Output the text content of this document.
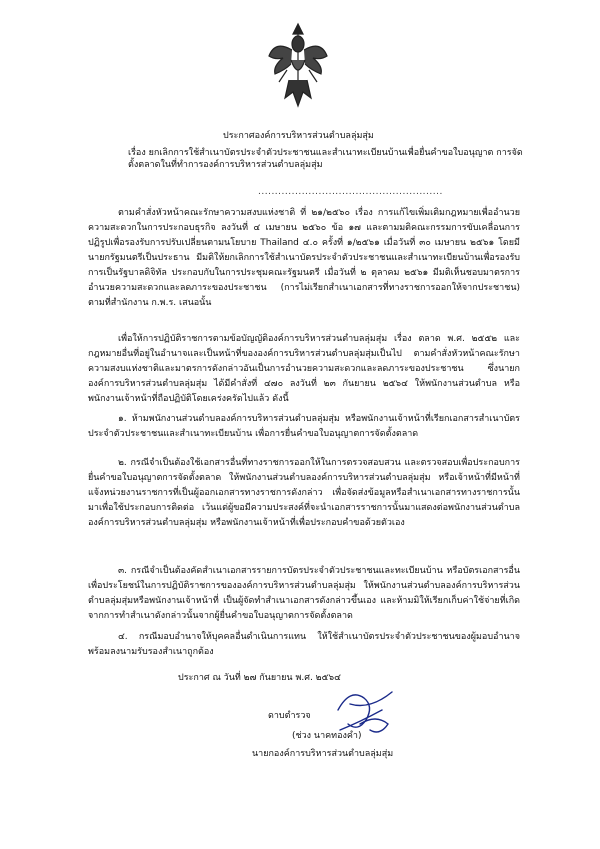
ประกาศองค์การบริหารส่วนตำบลลุ่มสุ่ม
เรื่อง ยกเลิกการใช้สำเนาบัตรประจำตัวประชาชนและสำเนาทะเบียนบ้านเพื่อยื่นคำขอใบอนุญาต การจัดตั้งตลาดในที่ทำการองค์การบริหารส่วนตำบลลุ่มสุ่ม
.......................................................
ตามคำสั่งหัวหน้าคณะรักษาความสงบแห่งชาติ ที่ ๒๑/๒๕๖๐ เรื่อง การแก้ไขเพิ่มเติมกฎหมายเพื่ออำนวยความสะดวกในการประกอบธุรกิจ ลงวันที่ ๔ เมษายน ๒๕๖๐ ข้อ ๑๗ และตามมติคณะกรรมการขับเคลื่อนการปฏิรูปเพื่อรองรับการปรับเปลี่ยนตามนโยบาย Thailand ๔.๐ ครั้งที่ ๑/๒๕๖๑ เมื่อวันที่ ๓๐ เมษายน ๒๕๖๑ โดยมีนายกรัฐมนตรีเป็นประธาน มีมติให้ยกเลิกการใช้สำเนาบัตรประจำตัวประชาชนและสำเนาทะเบียนบ้านเพื่อรองรับการเป็นรัฐบาลดิจิทัล ประกอบกับในการประชุมคณะรัฐมนตรี เมื่อวันที่ ๒ ตุลาคม ๒๕๖๑ มีมติเห็นชอบมาตรการอำนวยความสะดวกและลดภาระของประชาชน (การไม่เรียกสำเนาเอกสารที่ทางราชการออกให้จากประชาชน) ตามที่สำนักงาน ก.พ.ร. เสนอนั้น
เพื่อให้การปฏิบัติราชการตามข้อบัญญัติองค์การบริหารส่วนตำบลลุ่มสุ่ม เรื่อง ตลาด พ.ศ. ๒๕๕๒ และกฎหมายอื่นที่อยู่ในอำนาจและเป็นหน้าที่ขององค์การบริหารส่วนตำบลลุ่มสุ่มเป็นไป ตามคำสั่งหัวหน้าคณะรักษาความสงบแห่งชาติและมาตรการดังกล่าวอันเป็นการอำนวยความสะดวกและลดภาระของประชาชน ซึ่งนายกองค์การบริหารส่วนตำบลลุ่มสุ่ม ได้มีคำสั่งที่ ๔๗๐ ลงวันที่ ๒๓ กันยายน ๒๕๖๔ ให้พนักงานส่วนตำบล หรือพนักงานเจ้าหน้าที่ถือปฏิบัติโดยเคร่งครัดไปแล้ว ดังนี้
๑. ห้ามพนักงานส่วนตำบลองค์การบริหารส่วนตำบลลุ่มสุ่ม หรือพนักงานเจ้าหน้าที่เรียกเอกสารสำเนาบัตรประจำตัวประชาชนและสำเนาทะเบียนบ้าน เพื่อการยื่นคำขอใบอนุญาตการจัดตั้งตลาด
๒. กรณีจำเป็นต้องใช้เอกสารอื่นที่ทางราชการออกให้ในการตรวจสอบสวน และตรวจสอบเพื่อประกอบการยื่นคำขอใบอนุญาตการจัดตั้งตลาด ให้พนักงานส่วนตำบลองค์การบริหารส่วนตำบลลุ่มสุ่ม หรือเจ้าหน้าที่มีหน้าที่ แจ้งหน่วยงานราชการที่เป็นผู้ออกเอกสารทางราชการดังกล่าว เพื่อจัดส่งข้อมูลหรือสำเนาเอกสารทางราชการนั้นมาเพื่อใช้ประกอบการติดต่อ เว้นแต่ผู้ขอมีความประสงค์ที่จะนำเอกสารราชการนั้นมาแสดงต่อพนักงานส่วนตำบลองค์การบริหารส่วนตำบลลุ่มสุ่ม หรือพนักงานเจ้าหน้าที่เพื่อประกอบคำขอด้วยตัวเอง
๓. กรณีจำเป็นต้องคัดสำเนาเอกสารรายการบัตรประจำตัวประชาชนและทะเบียนบ้าน หรือบัตรเอกสารอื่น เพื่อประโยชน์ในการปฏิบัติราชการขององค์การบริหารส่วนตำบลลุ่มสุ่ม ให้พนักงานส่วนตำบลองค์การบริหารส่วนตำบลลุ่มสุ่มหรือพนักงานเจ้าหน้าที่ เป็นผู้จัดทำสำเนาเอกสารดังกล่าวขึ้นเอง และห้ามมิให้เรียกเก็บค่าใช้จ่ายที่เกิดจากการทำสำเนาดังกล่าวนั้นจากผู้ยื่นคำขอใบอนุญาตการจัดตั้งตลาด
๔. กรณีมอบอำนาจให้บุคคลอื่นดำเนินการแทน ให้ใช้สำเนาบัตรประจำตัวประชาชนของผู้มอบอำนาจพร้อมลงนามรับรองสำเนาถูกต้อง
ประกาศ ณ วันที่ ๒๗ กันยายน พ.ศ. ๒๕๖๔
ดาบตำรวจ
(ช่วง นาคทองคำ)
นายกองค์การบริหารส่วนตำบลลุ่มสุ่ม
